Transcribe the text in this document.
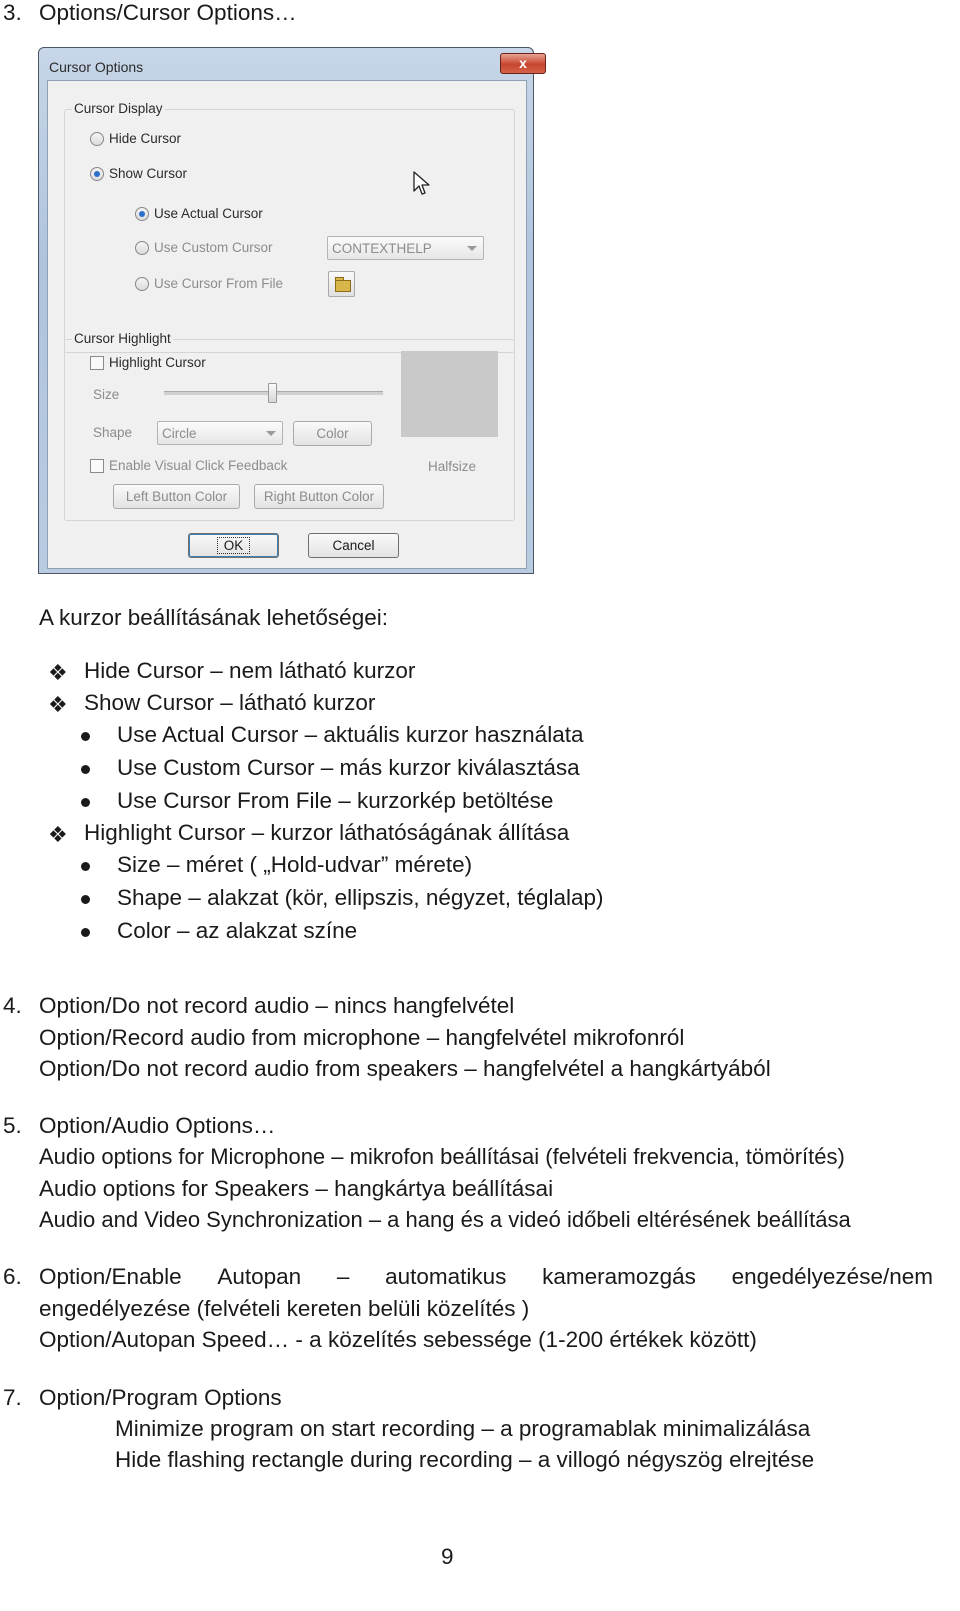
3. Options/Cursor Options…
Cursor Options	x
Cursor Display
Hide Cursor
Show Cursor
Use Actual Cursor
Use Custom Cursor	CONTEXTHELP
Use Cursor From File
Cursor Highlight
Highlight Cursor
Size
Shape Circle	Color
Halfsize
Enable Visual Click Feedback
Left Button Color	Right Button Color
OK	Cancel
A kurzor beállításának lehetőségei:
❖ Hide Cursor – nem látható kurzor
❖ Show Cursor – látható kurzor
Use Actual Cursor – aktuális kurzor használata
Use Custom Cursor – más kurzor kiválasztása
Use Cursor From File – kurzorkép betöltése
❖ Highlight Cursor – kurzor láthatóságának állítása
Size – méret ( „Hold-udvar” mérete)
Shape – alakzat (kör, ellipszis, négyzet, téglalap)
Color – az alakzat színe
4. Option/Do not record audio – nincs hangfelvétel
Option/Record audio from microphone – hangfelvétel mikrofonról
Option/Do not record audio from speakers – hangfelvétel a hangkártyából
5. Option/Audio Options…
Audio options for Microphone – mikrofon beállításai (felvételi frekvencia, tömörítés)
Audio options for Speakers – hangkártya beállításai
Audio and Video Synchronization – a hang és a videó időbeli eltérésének beállítása
6. Option/Enable Autopan – automatikus kameramozgás engedélyezése/nem
engedélyezése (felvételi kereten belüli közelítés )
Option/Autopan Speed… - a közelítés sebessége (1-200 értékek között)
7. Option/Program Options
Minimize program on start recording – a programablak minimalizálása
Hide flashing rectangle during recording – a villogó négyszög elrejtése
9
